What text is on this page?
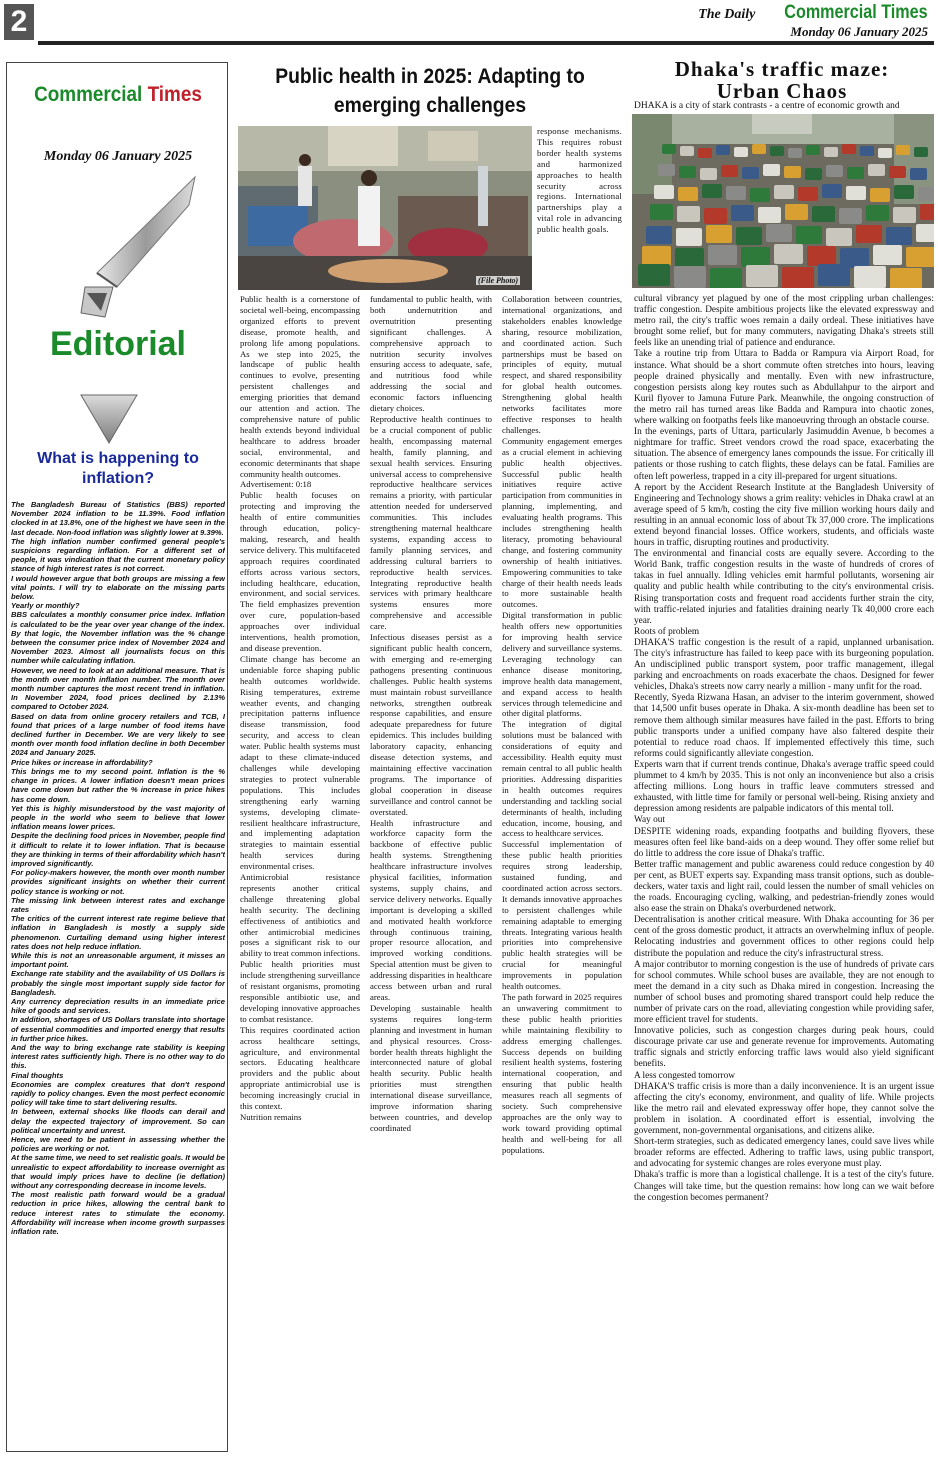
2	The Daily Commercial Times
Monday 06 January 2025
Commercial Times
Monday 06 January 2025
Editorial
What is happening to inflation?

The Bangladesh Bureau of Statistics (BBS) reported November 2024 inflation to be 11.39%. Food inflation clocked in at 13.8%, one of the highest we have seen in the last decade. Non-food inflation was slightly lower at 9.39%.

The high inflation number confirmed general people's suspicions regarding inflation. For a different set of people, it was vindication that the current monetary policy stance of high interest rates is not correct.

I would however argue that both groups are missing a few vital points. I will try to elaborate on the missing parts below.

Yearly or monthly?

BBS calculates a monthly consumer price index. Inflation is calculated to be the year over year change of the index. By that logic, the November inflation was the % change between the consumer price index of November 2024 and November 2023. Almost all journalists focus on this number while calculating inflation.

However, we need to look at an additional measure. That is the month over month inflation number. The month over month number captures the most recent trend in inflation. In November 2024, food prices declined by 2.13% compared to October 2024.

Based on data from online grocery retailers and TCB, I found that prices of a large number of food items have declined further in December. We are very likely to see month over month food inflation decline in both December 2024 and January 2025.

Price hikes or increase in affordability?

This brings me to my second point. Inflation is the % change in prices. A lower inflation doesn't mean prices have come down but rather the % increase in price hikes has come down.

Yet this is highly misunderstood by the vast majority of people in the world who seem to believe that lower inflation means lower prices.

Despite the declining food prices in November, people find it difficult to relate it to lower inflation. That is because they are thinking in terms of their affordability which hasn't improved significantly.

For policy-makers however, the month over month number provides significant insights on whether their current policy stance is working or not.

The missing link between interest rates and exchange rates

The critics of the current interest rate regime believe that inflation in Bangladesh is mostly a supply side phenomenon. Curtailing demand using higher interest rates does not help reduce inflation.

While this is not an unreasonable argument, it misses an important point.

Exchange rate stability and the availability of US Dollars is probably the single most important supply side factor for Bangladesh.

Any currency depreciation results in an immediate price hike of goods and services.

In addition, shortages of US Dollars translate into shortage of essential commodities and imported energy that results in further price hikes.

And the way to bring exchange rate stability is keeping interest rates sufficiently high. There is no other way to do this.

Final thoughts

Economies are complex creatures that don't respond rapidly to policy changes. Even the most perfect economic policy will take time to start delivering results.

In between, external shocks like floods can derail and delay the expected trajectory of improvement. So can political uncertainty and unrest.

Hence, we need to be patient in assessing whether the policies are working or not.

At the same time, we need to set realistic goals. It would be unrealistic to expect affordability to increase overnight as that would imply prices have to decline (ie deflation) without any corresponding decrease in income levels.

The most realistic path forward would be a gradual reduction in price hikes, allowing the central bank to reduce interest rates to stimulate the economy. Affordability will increase when income growth surpasses inflation rate.

Public health in 2025: Adapting to emerging challenges
(File Photo)
response mechanisms. This requires robust border health systems and harmonized approaches to health security across regions. International partnerships play a vital role in advancing public health goals.

Public health is a cornerstone of societal well-being, encompassing organized efforts to prevent disease, promote health, and prolong life among populations. As we step into 2025, the landscape of public health continues to evolve, presenting persistent challenges and emerging priorities that demand our attention and action. The comprehensive nature of public health extends beyond individual healthcare to address broader social, environmental, and economic determinants that shape community health outcomes.

Advertisement: 0:18

Public health focuses on protecting and improving the health of entire communities through education, policy-making, research, and health service delivery. This multifaceted approach requires coordinated efforts across various sectors, including healthcare, education, environment, and social services. The field emphasizes prevention over cure, population-based approaches over individual interventions, health promotion, and disease prevention.

Climate change has become an undeniable force shaping public health outcomes worldwide. Rising temperatures, extreme weather events, and changing precipitation patterns influence disease transmission, food security, and access to clean water. Public health systems must adapt to these climate-induced challenges while developing strategies to protect vulnerable populations. This includes strengthening early warning systems, developing climate-resilient healthcare infrastructure, and implementing adaptation strategies to maintain essential health services during environmental crises.

Antimicrobial resistance represents another critical challenge threatening global health security. The declining effectiveness of antibiotics and other antimicrobial medicines poses a significant risk to our ability to treat common infections. Public health priorities must include strengthening surveillance of resistant organisms, promoting responsible antibiotic use, and developing innovative approaches to combat resistance.

This requires coordinated action across healthcare settings, agriculture, and environmental sectors. Educating healthcare providers and the public about appropriate antimicrobial use is becoming increasingly crucial in this context.

Nutrition remains

fundamental to public health, with both undernutrition and overnutrition presenting significant challenges. A comprehensive approach to nutrition security involves ensuring access to adequate, safe, and nutritious food while addressing the social and economic factors influencing dietary choices.

Reproductive health continues to be a crucial component of public health, encompassing maternal health, family planning, and sexual health services. Ensuring universal access to comprehensive reproductive healthcare services remains a priority, with particular attention needed for underserved communities. This includes strengthening maternal healthcare systems, expanding access to family planning services, and addressing cultural barriers to reproductive health services. Integrating reproductive health services with primary healthcare systems ensures more comprehensive and accessible care.

Infectious diseases persist as a significant public health concern, with emerging and re-emerging pathogens presenting continuous challenges. Public health systems must maintain robust surveillance networks, strengthen outbreak response capabilities, and ensure adequate preparedness for future epidemics. This includes building laboratory capacity, enhancing disease detection systems, and maintaining effective vaccination programs. The importance of global cooperation in disease surveillance and control cannot be overstated.

Health infrastructure and workforce capacity form the backbone of effective public health systems. Strengthening healthcare infrastructure involves physical facilities, information systems, supply chains, and service delivery networks. Equally important is developing a skilled and motivated health workforce through continuous training, proper resource allocation, and improved working conditions. Special attention must be given to addressing disparities in healthcare access between urban and rural areas.

Developing sustainable health systems requires long-term planning and investment in human and physical resources. Cross-border health threats highlight the interconnected nature of global health security. Public health priorities must strengthen international disease surveillance, improve information sharing between countries, and develop coordinated

Collaboration between countries, international organizations, and stakeholders enables knowledge sharing, resource mobilization, and coordinated action. Such partnerships must be based on principles of equity, mutual respect, and shared responsibility for global health outcomes. Strengthening global health networks facilitates more effective responses to health challenges.

Community engagement emerges as a crucial element in achieving public health objectives. Successful public health initiatives require active participation from communities in planning, implementing, and evaluating health programs. This includes strengthening health literacy, promoting behavioural change, and fostering community ownership of health initiatives. Empowering communities to take charge of their health needs leads to more sustainable health outcomes.

Digital transformation in public health offers new opportunities for improving health service delivery and surveillance systems. Leveraging technology can enhance disease monitoring, improve health data management, and expand access to health services through telemedicine and other digital platforms.

The integration of digital solutions must be balanced with considerations of equity and accessibility. Health equity must remain central to all public health priorities. Addressing disparities in health outcomes requires understanding and tackling social determinants of health, including education, income, housing, and access to healthcare services.

Successful implementation of these public health priorities requires strong leadership, sustained funding, and coordinated action across sectors. It demands innovative approaches to persistent challenges while remaining adaptable to emerging threats. Integrating various health priorities into comprehensive public health strategies will be crucial for meaningful improvements in population health outcomes.

The path forward in 2025 requires an unwavering commitment to these public health priorities while maintaining flexibility to address emerging challenges. Success depends on building resilient health systems, fostering international cooperation, and ensuring that public health measures reach all segments of society. Such comprehensive approaches are the only way to work toward providing optimal health and well-being for all populations.

Dhaka's traffic maze:
Urban Chaos
DHAKA is a city of stark contrasts - a centre of economic growth and

cultural vibrancy yet plagued by one of the most crippling urban challenges: traffic congestion. Despite ambitious projects like the elevated expressway and metro rail, the city's traffic woes remain a daily ordeal. These initiatives have brought some relief, but for many commuters, navigating Dhaka's streets still feels like an unending trial of patience and endurance.

Take a routine trip from Uttara to Badda or Rampura via Airport Road, for instance. What should be a short commute often stretches into hours, leaving people drained physically and mentally. Even with new infrastructure, congestion persists along key routes such as Abdullahpur to the airport and Kuril flyover to Jamuna Future Park. Meanwhile, the ongoing construction of the metro rail has turned areas like Badda and Rampura into chaotic zones, where walking on footpaths feels like manoeuvring through an obstacle course.

In the evenings, parts of Uttara, particularly Jasimuddin Avenue, b becomes a nightmare for traffic. Street vendors crowd the road space, exacerbating the situation. The absence of emergency lanes compounds the issue. For critically ill patients or those rushing to catch flights, these delays can be fatal. Families are often left powerless, trapped in a city ill-prepared for urgent situations.

A report by the Accident Research Institute at the Bangladesh University of Engineering and Technology shows a grim reality: vehicles in Dhaka crawl at an average speed of 5 km/h, costing the city five million working hours daily and resulting in an annual economic loss of about Tk 37,000 crore. The implications extend beyond financial losses. Office workers, students, and officials waste hours in traffic, disrupting routines and productivity.

The environmental and financial costs are equally severe. According to the World Bank, traffic congestion results in the waste of hundreds of crores of takas in fuel annually. Idling vehicles emit harmful pollutants, worsening air quality and public health while contributing to the city's environmental crisis. Rising transportation costs and frequent road accidents further strain the city, with traffic-related injuries and fatalities draining nearly Tk 40,000 crore each year.

Roots of problem

DHAKA'S traffic congestion is the result of a rapid, unplanned urbanisation. The city's infrastructure has failed to keep pace with its burgeoning population. An undisciplined public transport system, poor traffic management, illegal parking and encroachments on roads exacerbate the chaos. Designed for fewer vehicles, Dhaka's streets now carry nearly a million - many unfit for the road.

Recently, Syeda Rizwana Hasan, an adviser to the interim government, showed that 14,500 unfit buses operate in Dhaka. A six-month deadline has been set to remove them although similar measures have failed in the past. Efforts to bring public transports under a unified company have also faltered despite their potential to reduce road chaos. If implemented effectively this time, such reforms could significantly alleviate congestion.

Experts warn that if current trends continue, Dhaka's average traffic speed could plummet to 4 km/h by 2035. This is not only an inconvenience but also a crisis affecting millions. Long hours in traffic leave commuters stressed and exhausted, with little time for family or personal well-being. Rising anxiety and depression among residents are palpable indicators of this mental toll.

Way out

DESPITE widening roads, expanding footpaths and building flyovers, these measures often feel like band-aids on a deep wound. They offer some relief but do little to address the core issue of Dhaka's traffic.

Better traffic management and public awareness could reduce congestion by 40 per cent, as BUET experts say. Expanding mass transit options, such as double-deckers, water taxis and light rail, could lessen the number of small vehicles on the roads. Encouraging cycling, walking, and pedestrian-friendly zones would also ease the strain on Dhaka's overburdened network.

Decentralisation is another critical measure. With Dhaka accounting for 36 per cent of the gross domestic product, it attracts an overwhelming influx of people. Relocating industries and government offices to other regions could help distribute the population and reduce the city's infrastructural stress.

A major contributor to morning congestion is the use of hundreds of private cars for school commutes. While school buses are available, they are not enough to meet the demand in a city such as Dhaka mired in congestion. Increasing the number of school buses and promoting shared transport could help reduce the number of private cars on the road, alleviating congestion while providing safer, more efficient travel for students.

Innovative policies, such as congestion charges during peak hours, could discourage private car use and generate revenue for improvements. Automating traffic signals and strictly enforcing traffic laws would also yield significant benefits.

A less congested tomorrow

DHAKA'S traffic crisis is more than a daily inconvenience. It is an urgent issue affecting the city's economy, environment, and quality of life. While projects like the metro rail and elevated expressway offer hope, they cannot solve the problem in isolation. A coordinated effort is essential, involving the government, non-governmental organisations, and citizens alike.

Short-term strategies, such as dedicated emergency lanes, could save lives while broader reforms are effected. Adhering to traffic laws, using public transport, and advocating for systemic changes are roles everyone must play.

Dhaka's traffic is more than a logistical challenge. It is a test of the city's future. Changes will take time, but the question remains: how long can we wait before the congestion becomes permanent?
